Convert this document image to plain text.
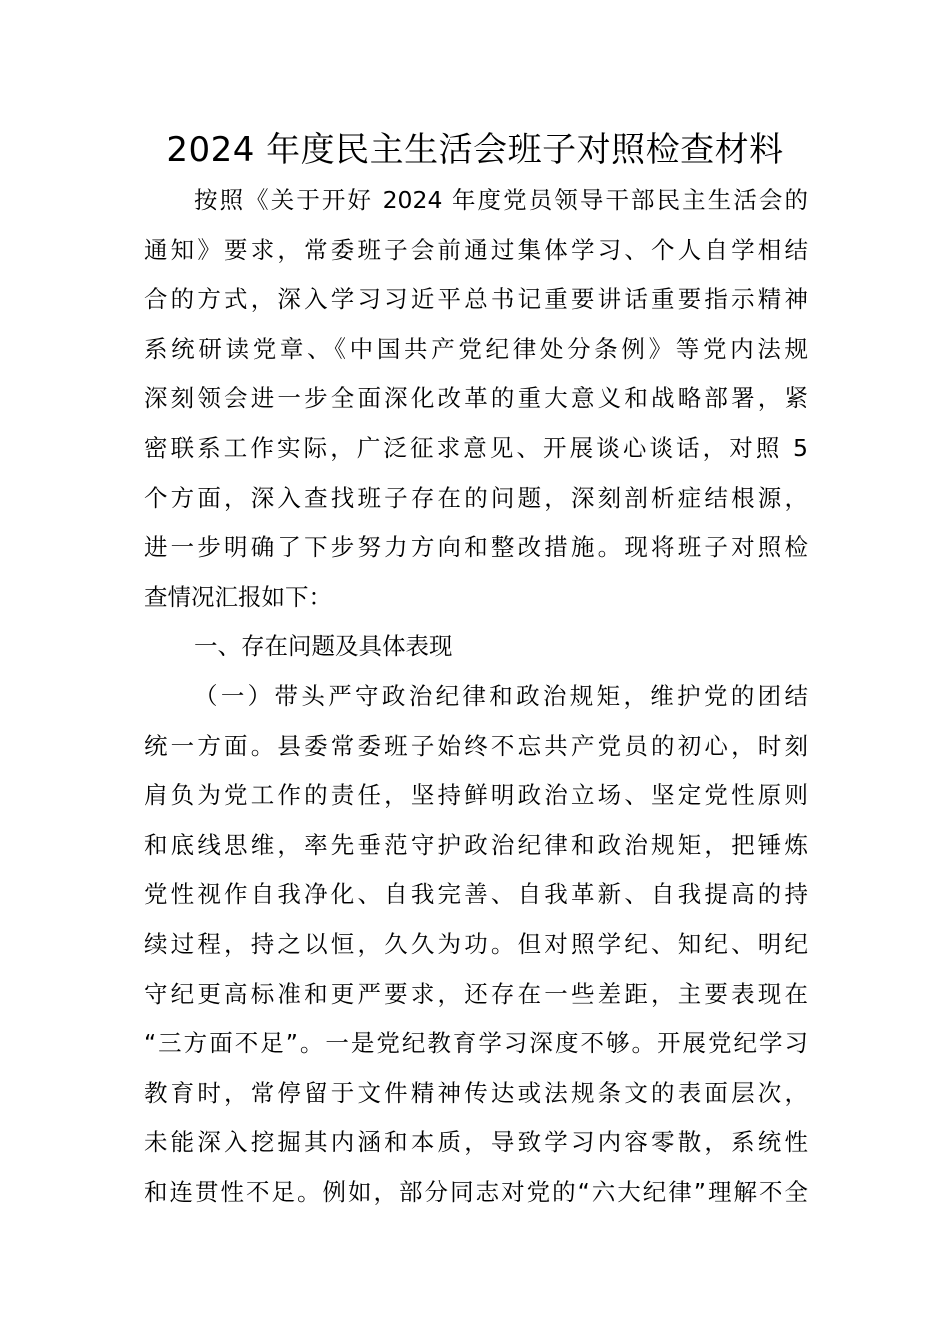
2024 年度民主生活会班子对照检查材料
按照《关于开好 2024 年度党员领导干部民主生活会的
通知》要求，常委班子会前通过集体学习、个人自学相结
合的方式，深入学习习近平总书记重要讲话重要指示精神
系统研读党章、《中国共产党纪律处分条例》等党内法规
深刻领会进一步全面深化改革的重大意义和战略部署，紧
密联系工作实际，广泛征求意见、开展谈心谈话，对照 5
个方面，深入查找班子存在的问题，深刻剖析症结根源，
进一步明确了下步努力方向和整改措施。现将班子对照检
查情况汇报如下：
一、存在问题及具体表现
（一）带头严守政治纪律和政治规矩，维护党的团结
统一方面。县委常委班子始终不忘共产党员的初心，时刻
肩负为党工作的责任，坚持鲜明政治立场、坚定党性原则
和底线思维，率先垂范守护政治纪律和政治规矩，把锤炼
党性视作自我净化、自我完善、自我革新、自我提高的持
续过程，持之以恒，久久为功。但对照学纪、知纪、明纪
守纪更高标准和更严要求，还存在一些差距，主要表现在
“三方面不足”。一是党纪教育学习深度不够。开展党纪学习
教育时，常停留于文件精神传达或法规条文的表面层次，
未能深入挖掘其内涵和本质，导致学习内容零散，系统性
和连贯性不足。例如，部分同志对党的“六大纪律”理解不全
